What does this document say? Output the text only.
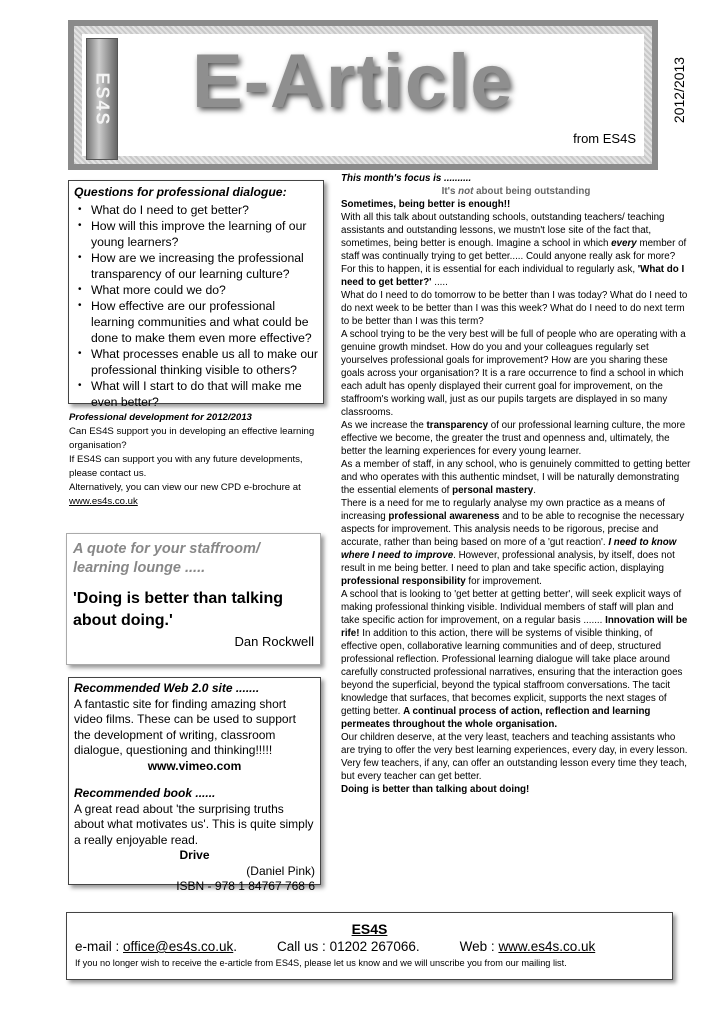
ES4S E-Article
from ES4S
2012/2013
Questions for professional dialogue:
• What do I need to get better?
• How will this improve the learning of our young learners?
• How are we increasing the professional transparency of our learning culture?
• What more could we do?
• How effective are our professional learning communities and what could be done to make them even more effective?
• What processes enable us all to make our professional thinking visible to others?
• What will I start to do that will make me even better?
Professional development for 2012/2013

Can ES4S support you in developing an effective learning organisation?

If ES4S can support you with any future developments, please contact us.

Alternatively, you can view our new CPD e-brochure at www.es4s.co.uk

A quote for your staffroom/ learning lounge .....

'Doing is better than talking about doing.'

Dan Rockwell
Recommended Web 2.0 site .......

A fantastic site for finding amazing short video films. These can be used to support the development of writing, classroom dialogue, questioning and thinking!!!!!

www.vimeo.com

Recommended book ......

A great read about 'the surprising truths about what motivates us'. This is quite simply a really enjoyable read.

Drive

(Daniel Pink)

ISBN - 978 1 84767 768 6

This month's focus is ..........

It's not about being outstanding

Sometimes, being better is enough!!

With all this talk about outstanding schools, outstanding teachers/ teaching assistants and outstanding lessons, we mustn't lose site of the fact that, sometimes, being better is enough. Imagine a school in which every member of staff was continually trying to get better..... Could anyone really ask for more?

For this to happen, it is essential for each individual to regularly ask, 'What do I need to get better?' .....

What do I need to do tomorrow to be better than I was today? What do I need to do next week to be better than I was this week? What do I need to do next term to be better than I was this term?

A school trying to be the very best will be full of people who are operating with a genuine growth mindset. How do you and your colleagues regularly set yourselves professional goals for improvement? How are you sharing these goals across your organisation? It is a rare occurrence to find a school in which each adult has openly displayed their current goal for improvement, on the staffroom's working wall, just as our pupils targets are displayed in so many classrooms.

As we increase the transparency of our professional learning culture, the more effective we become, the greater the trust and openness and, ultimately, the better the learning experiences for every young learner.

As a member of staff, in any school, who is genuinely committed to getting better and who operates with this authentic mindset, I will be naturally demonstrating the essential elements of personal mastery.

There is a need for me to regularly analyse my own practice as a means of increasing professional awareness and to be able to recognise the necessary aspects for improvement. This analysis needs to be rigorous, precise and accurate, rather than being based on more of a 'gut reaction'. I need to know where I need to improve. However, professional analysis, by itself, does not result in me being better. I need to plan and take specific action, displaying professional responsibility for improvement.

A school that is looking to 'get better at getting better', will seek explicit ways of making professional thinking visible. Individual members of staff will plan and take specific action for improvement, on a regular basis ....... Innovation will be rife! In addition to this action, there will be systems of visible thinking, of effective open, collaborative learning communities and of deep, structured professional reflection. Professional learning dialogue will take place around carefully constructed professional narratives, ensuring that the interaction goes beyond the superficial, beyond the typical staffroom conversations. The tacit knowledge that surfaces, that becomes explicit, supports the next stages of getting better. A continual process of action, reflection and learning permeates throughout the whole organisation.

Our children deserve, at the very least, teachers and teaching assistants who are trying to offer the very best learning experiences, every day, in every lesson. Very few teachers, if any, can offer an outstanding lesson every time they teach, but every teacher can get better.

Doing is better than talking about doing!

ES4S
e-mail : office@es4s.co.uk.	Call us : 01202 267066.	Web : www.es4s.co.uk
If you no longer wish to receive the e-article from ES4S, please let us know and we will unscribe you from our mailing list.
